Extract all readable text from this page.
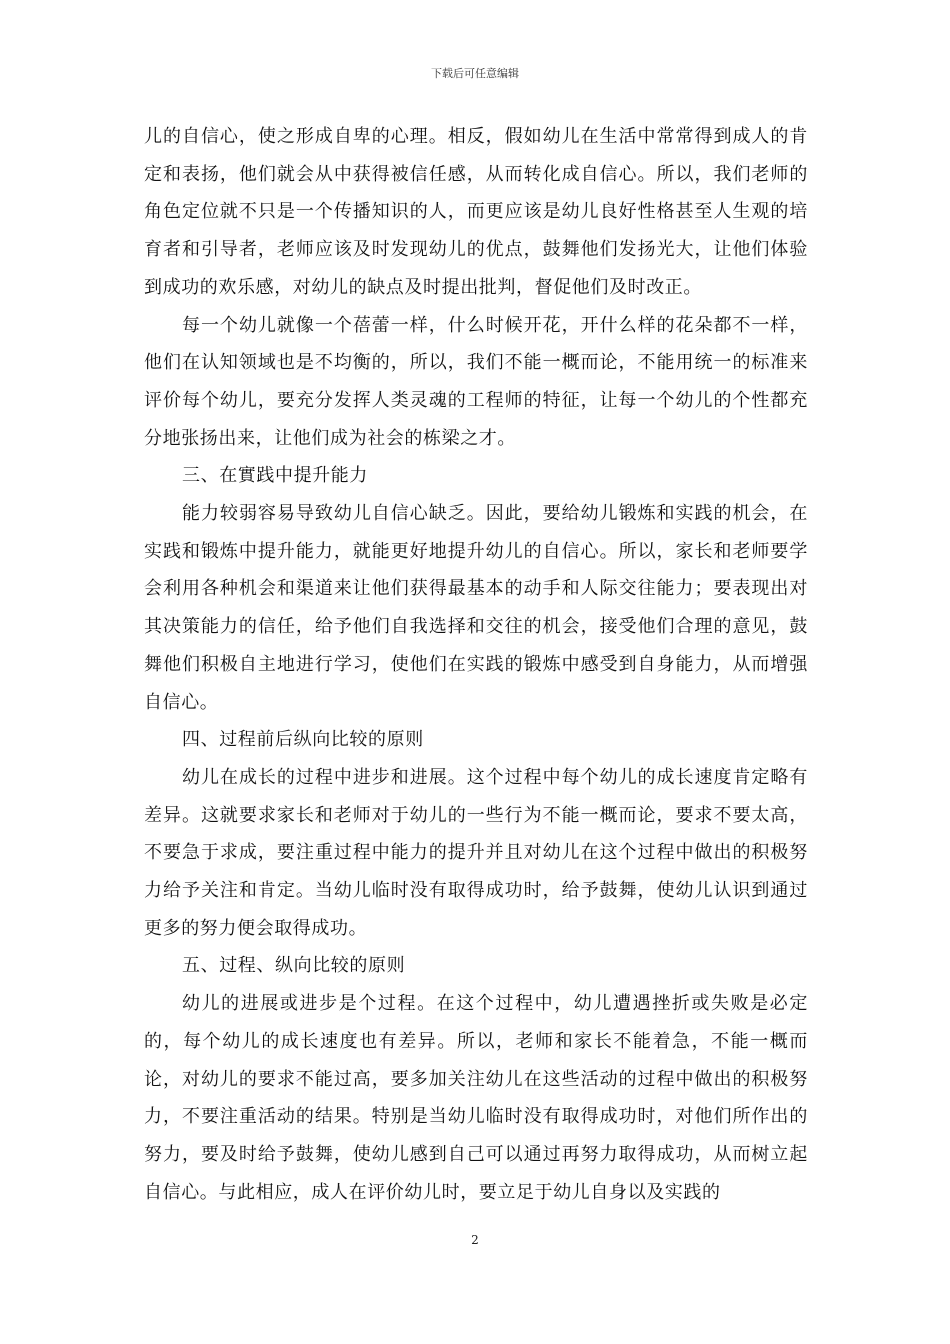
下载后可任意编辑

儿的自信心，使之形成自卑的心理。相反，假如幼儿在生活中常常得到成人的肯定和表扬，他们就会从中获得被信任感，从而转化成自信心。所以，我们老师的角色定位就不只是一个传播知识的人，而更应该是幼儿良好性格甚至人生观的培育者和引导者，老师应该及时发现幼儿的优点，鼓舞他们发扬光大，让他们体验到成功的欢乐感，对幼儿的缺点及时提出批判，督促他们及时改正。

每一个幼儿就像一个蓓蕾一样，什么时候开花，开什么样的花朵都不一样，他们在认知领域也是不均衡的，所以，我们不能一概而论，不能用统一的标准来评价每个幼儿，要充分发挥人类灵魂的工程师的特征，让每一个幼儿的个性都充分地张扬出来，让他们成为社会的栋梁之才。

三、在實践中提升能力

能力较弱容易导致幼儿自信心缺乏。因此，要给幼儿锻炼和实践的机会，在实践和锻炼中提升能力，就能更好地提升幼儿的自信心。所以，家长和老师要学会利用各种机会和渠道来让他们获得最基本的动手和人际交往能力；要表现出对其决策能力的信任，给予他们自我选择和交往的机会，接受他们合理的意见，鼓舞他们积极自主地进行学习，使他们在实践的锻炼中感受到自身能力，从而增强自信心。

四、过程前后纵向比较的原则

幼儿在成长的过程中进步和进展。这个过程中每个幼儿的成长速度肯定略有差异。这就要求家长和老师对于幼儿的一些行为不能一概而论，要求不要太高，不要急于求成，要注重过程中能力的提升并且对幼儿在这个过程中做出的积极努力给予关注和肯定。当幼儿临时没有取得成功时，给予鼓舞，使幼儿认识到通过更多的努力便会取得成功。

五、过程、纵向比较的原则

幼儿的进展或进步是个过程。在这个过程中，幼儿遭遇挫折或失败是必定的，每个幼儿的成长速度也有差异。所以，老师和家长不能着急，不能一概而论，对幼儿的要求不能过高，要多加关注幼儿在这些活动的过程中做出的积极努力，不要注重活动的结果。特别是当幼儿临时没有取得成功时，对他们所作出的努力，要及时给予鼓舞，使幼儿感到自己可以通过再努力取得成功，从而树立起自信心。与此相应，成人在评价幼儿时，要立足于幼儿自身以及实践的

2
